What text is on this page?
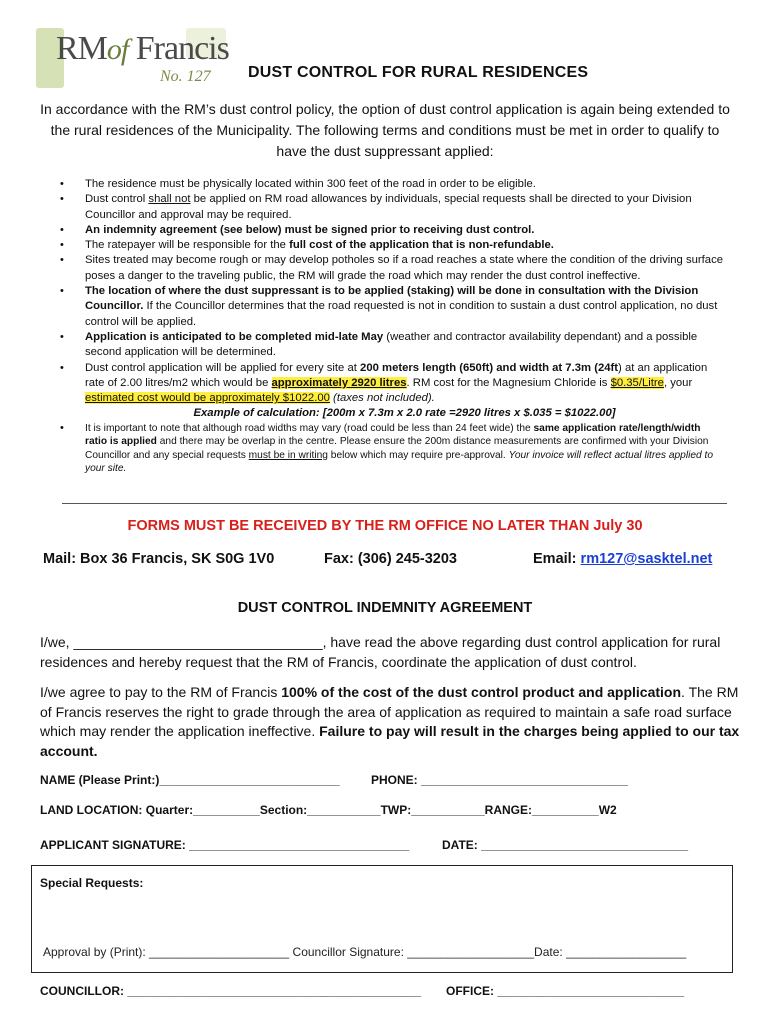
RMof Francis
No. 127 DUST CONTROL FOR RURAL RESIDENCES
In accordance with the RM’s dust control policy, the option of dust control application is again being extended to the rural residences of the Municipality. The following terms and conditions must be met in order to qualify to have the dust suppressant applied:
• The residence must be physically located within 300 feet of the road in order to be eligible.
• Dust control shall not be applied on RM road allowances by individuals, special requests shall be directed to your Division Councillor and approval may be required.
• An indemnity agreement (see below) must be signed prior to receiving dust control.
• The ratepayer will be responsible for the full cost of the application that is non-refundable.
• Sites treated may become rough or may develop potholes so if a road reaches a state where the condition of the driving surface poses a danger to the traveling public, the RM will grade the road which may render the dust control ineffective.
• The location of where the dust suppressant is to be applied (staking) will be done in consultation with the Division Councillor. If the Councillor determines that the road requested is not in condition to sustain a dust control application, no dust control will be applied.
• Application is anticipated to be completed mid-late May (weather and contractor availability dependant) and a possible second application will be determined.
• Dust control application will be applied for every site at 200 meters length (650ft) and width at 7.3m (24ft) at an application rate of 2.00 litres/m2 which would be approximately 2920 litres. RM cost for the Magnesium Chloride is $0.35/Litre, your estimated cost would be approximately $1022.00 (taxes not included).
Example of calculation: [200m x 7.3m x 2.0 rate =2920 litres x $.035 = $1022.00]
• It is important to note that although road widths may vary (road could be less than 24 feet wide) the same application rate/length/width ratio is applied and there may be overlap in the centre. Please ensure the 200m distance measurements are confirmed with your Division Councillor and any special requests must be in writing below which may require pre-approval. Your invoice will reflect actual litres applied to your site.
FORMS MUST BE RECEIVED BY THE RM OFFICE NO LATER THAN July 30
Mail: Box 36 Francis, SK S0G 1V0	Fax: (306) 245-3203	Email: rm127@sasktel.net
DUST CONTROL INDEMNITY AGREEMENT
I/we, ________________________________, have read the above regarding dust control application for rural residences and hereby request that the RM of Francis, coordinate the application of dust control.
I/we agree to pay to the RM of Francis 100% of the cost of the dust control product and application. The RM of Francis reserves the right to grade through the area of application as required to maintain a safe road surface which may render the application ineffective. Failure to pay will result in the charges being applied to our tax account.
NAME (Please Print:)___________________________	PHONE: _______________________________
LAND LOCATION: Quarter:__________Section:___________TWP:___________RANGE:__________W2
APPLICANT SIGNATURE: _________________________________	DATE: _______________________________
Special Requests:
Approval by (Print): _____________________ Councillor Signature: ___________________Date: __________________
COUNCILLOR: ____________________________________________ OFFICE: ____________________________
